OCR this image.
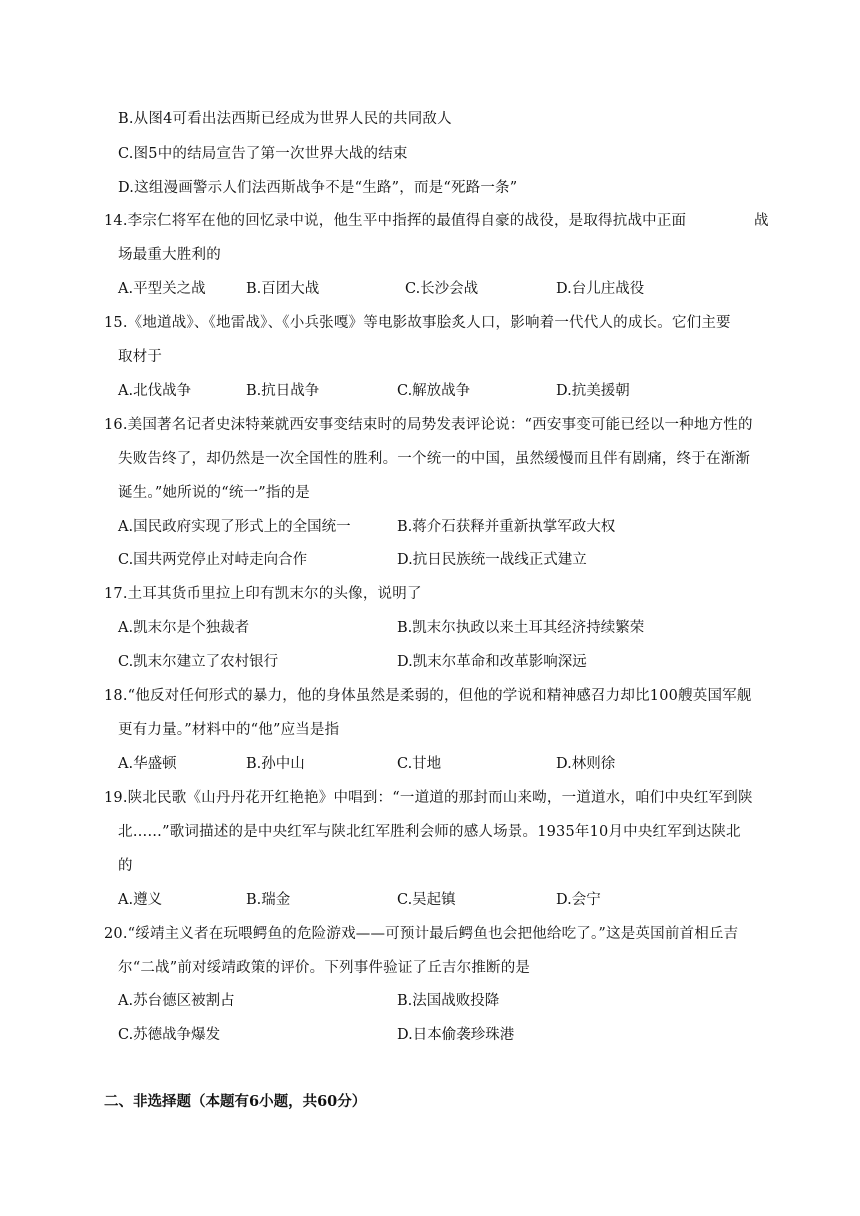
B.从图4可看出法西斯已经成为世界人民的共同敌人
C.图5中的结局宣告了第一次世界大战的结束
D.这组漫画警示人们法西斯战争不是“生路”，而是“死路一条”
14.李宗仁将军在他的回忆录中说，他生平中指挥的最值得自豪的战役，是取得抗战中正面	战
场最重大胜利的
A.平型关之战	B.百团大战	C.长沙会战	D.台儿庄战役
15.《地道战》、《地雷战》、《小兵张嘎》等电影故事脍炙人口，影响着一代代人的成长。它们主要
取材于
A.北伐战争	B.抗日战争	C.解放战争	D.抗美援朝
16.美国著名记者史沫特莱就西安事变结束时的局势发表评论说：“西安事变可能已经以一种地方性的
失败告终了，却仍然是一次全国性的胜利。一个统一的中国，虽然缓慢而且伴有剧痛，终于在渐渐
诞生。”她所说的“统一”指的是
A.国民政府实现了形式上的全国统一	B.蒋介石获释并重新执掌军政大权
C.国共两党停止对峙走向合作	D.抗日民族统一战线正式建立
17.土耳其货币里拉上印有凯末尔的头像，说明了
A.凯末尔是个独裁者	B.凯末尔执政以来土耳其经济持续繁荣
C.凯末尔建立了农村银行	D.凯末尔革命和改革影响深远
18.“他反对任何形式的暴力，他的身体虽然是柔弱的，但他的学说和精神感召力却比100艘英国军舰
更有力量。”材料中的“他”应当是指
A.华盛顿	B.孙中山	C.甘地	D.林则徐
19.陕北民歌《山丹丹花开红艳艳》中唱到：“一道道的那封而山来呦，一道道水，咱们中央红军到陕
北……”歌词描述的是中央红军与陕北红军胜利会师的感人场景。1935年10月中央红军到达陕北
的
A.遵义	B.瑞金	C.吴起镇	D.会宁
20.“绥靖主义者在玩喂鳄鱼的危险游戏——可预计最后鳄鱼也会把他给吃了。”这是英国前首相丘吉
尔“二战”前对绥靖政策的评价。下列事件验证了丘吉尔推断的是
A.苏台德区被割占	B.法国战败投降
C.苏德战争爆发	D.日本偷袭珍珠港
二、非选择题（本题有6小题，共60分）
